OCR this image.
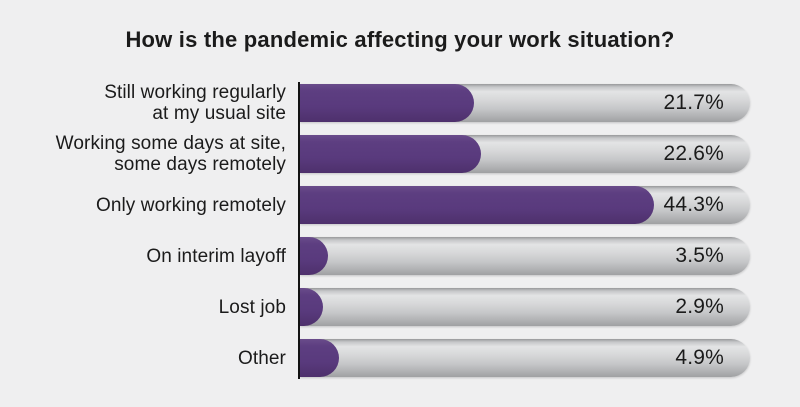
How is the pandemic affecting your work situation?
Still working regularly
at my usual site	21.7%
Working some days at site,
some days remotely	22.6%
Only working remotely	44.3%
On interim layoff	3.5%
Lost job	2.9%
Other	4.9%
